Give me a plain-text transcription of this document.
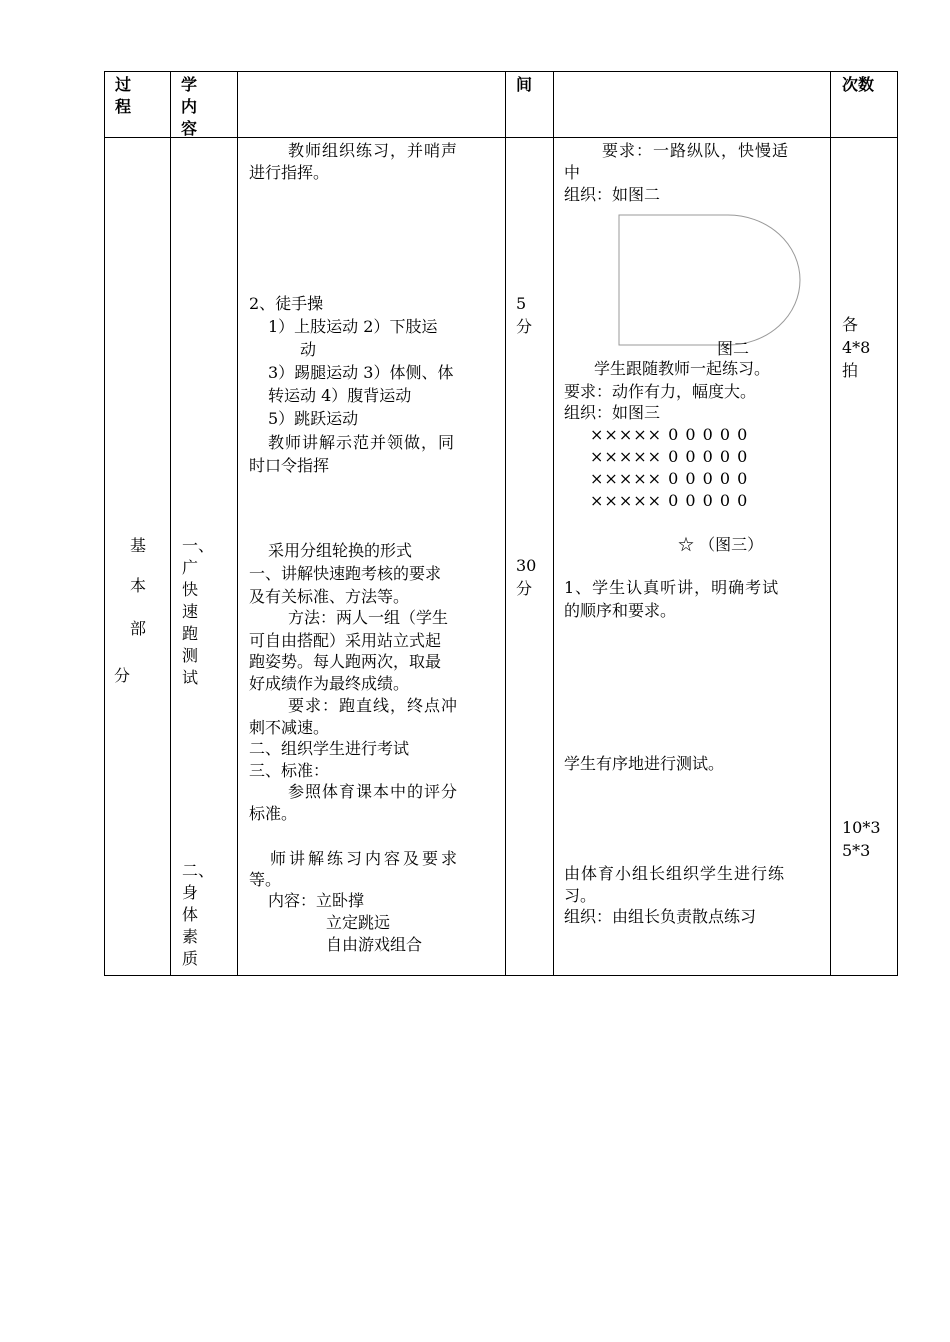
过程
学内容
间	次数
基
本
部
分
一、广快速跑测试
二、身体素质
教师组织练习，并哨声
进行指挥。
2、徒手操
1）上肢运动 2）下肢运
动
3）踢腿运动 3）体侧、体
转运动 4）腹背运动
5）跳跃运动
教师讲解示范并领做，同
时口令指挥
采用分组轮换的形式
一、讲解快速跑考核的要求
及有关标准、方法等。
方法：两人一组（学生
可自由搭配）采用站立式起
跑姿势。每人跑两次，取最
好成绩作为最终成绩。
要求：跑直线，终点冲
刺不减速。
二、组织学生进行考试
三、标准：
参照体育课本中的评分
标准。
师讲解练习内容及要求
等。
内容：立卧撑
立定跳远
自由游戏组合
5
分
30
分
要求：一路纵队，快慢适
中
组织：如图二
图二
学生跟随教师一起练习。
要求：动作有力，幅度大。
组织：如图三
××××× 0 0 0 0 0
××××× 0 0 0 0 0
××××× 0 0 0 0 0
××××× 0 0 0 0 0
☆ （图三）
1、学生认真听讲，明确考试
的顺序和要求。
学生有序地进行测试。
由体育小组长组织学生进行练
习。
组织：由组长负责散点练习
各
4*8
拍
10*3
5*3
